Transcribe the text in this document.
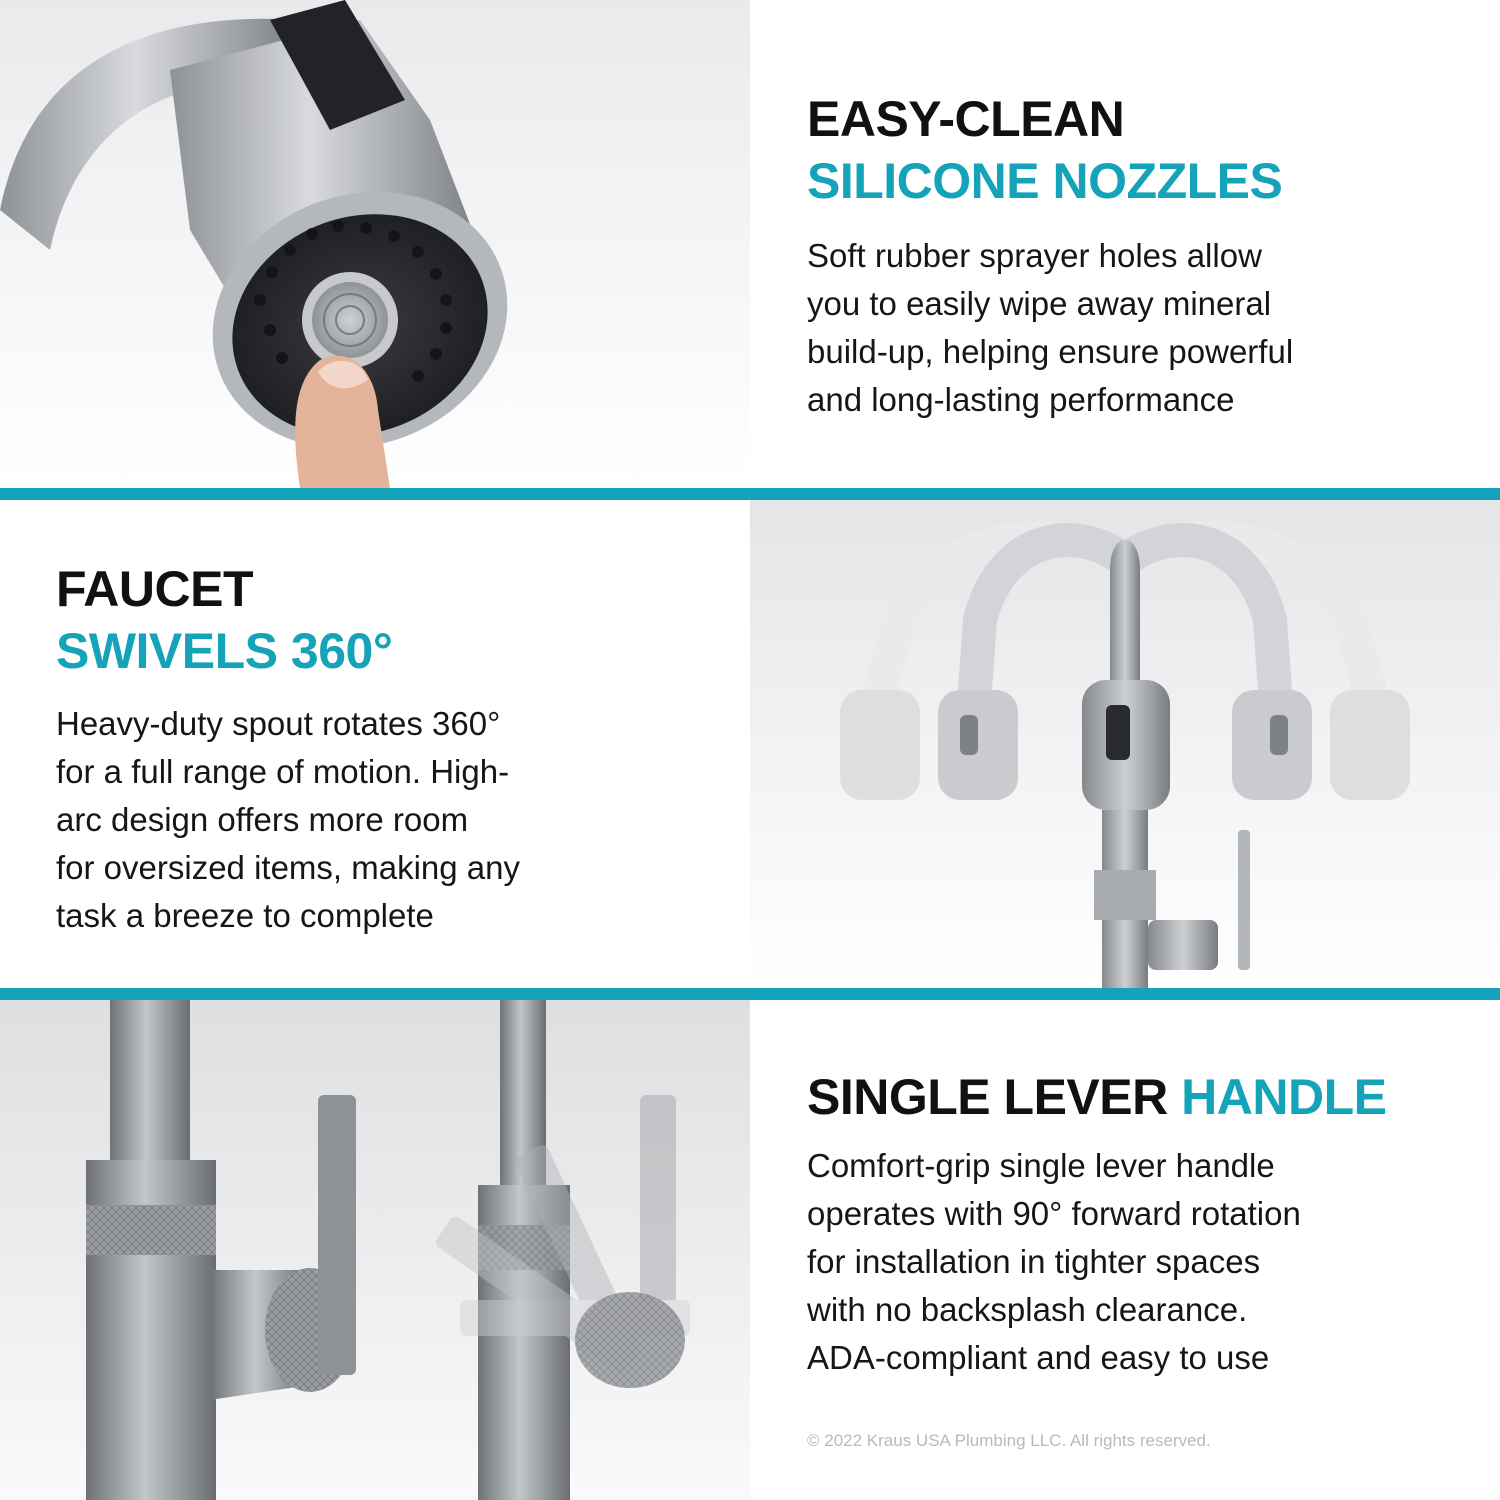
EASY-CLEAN
SILICONE NOZZLES

Soft rubber sprayer holes allow
you to easily wipe away mineral
build-up, helping ensure powerful
and long-lasting performance

FAUCET
SWIVELS 360°

Heavy-duty spout rotates 360°
for a full range of motion. High-
arc design offers more room
for oversized items, making any
task a breeze to complete

SINGLE LEVER HANDLE

Comfort-grip single lever handle
operates with 90° forward rotation
for installation in tighter spaces
with no backsplash clearance.
ADA-compliant and easy to use

© 2022 Kraus USA Plumbing LLC. All rights reserved.
